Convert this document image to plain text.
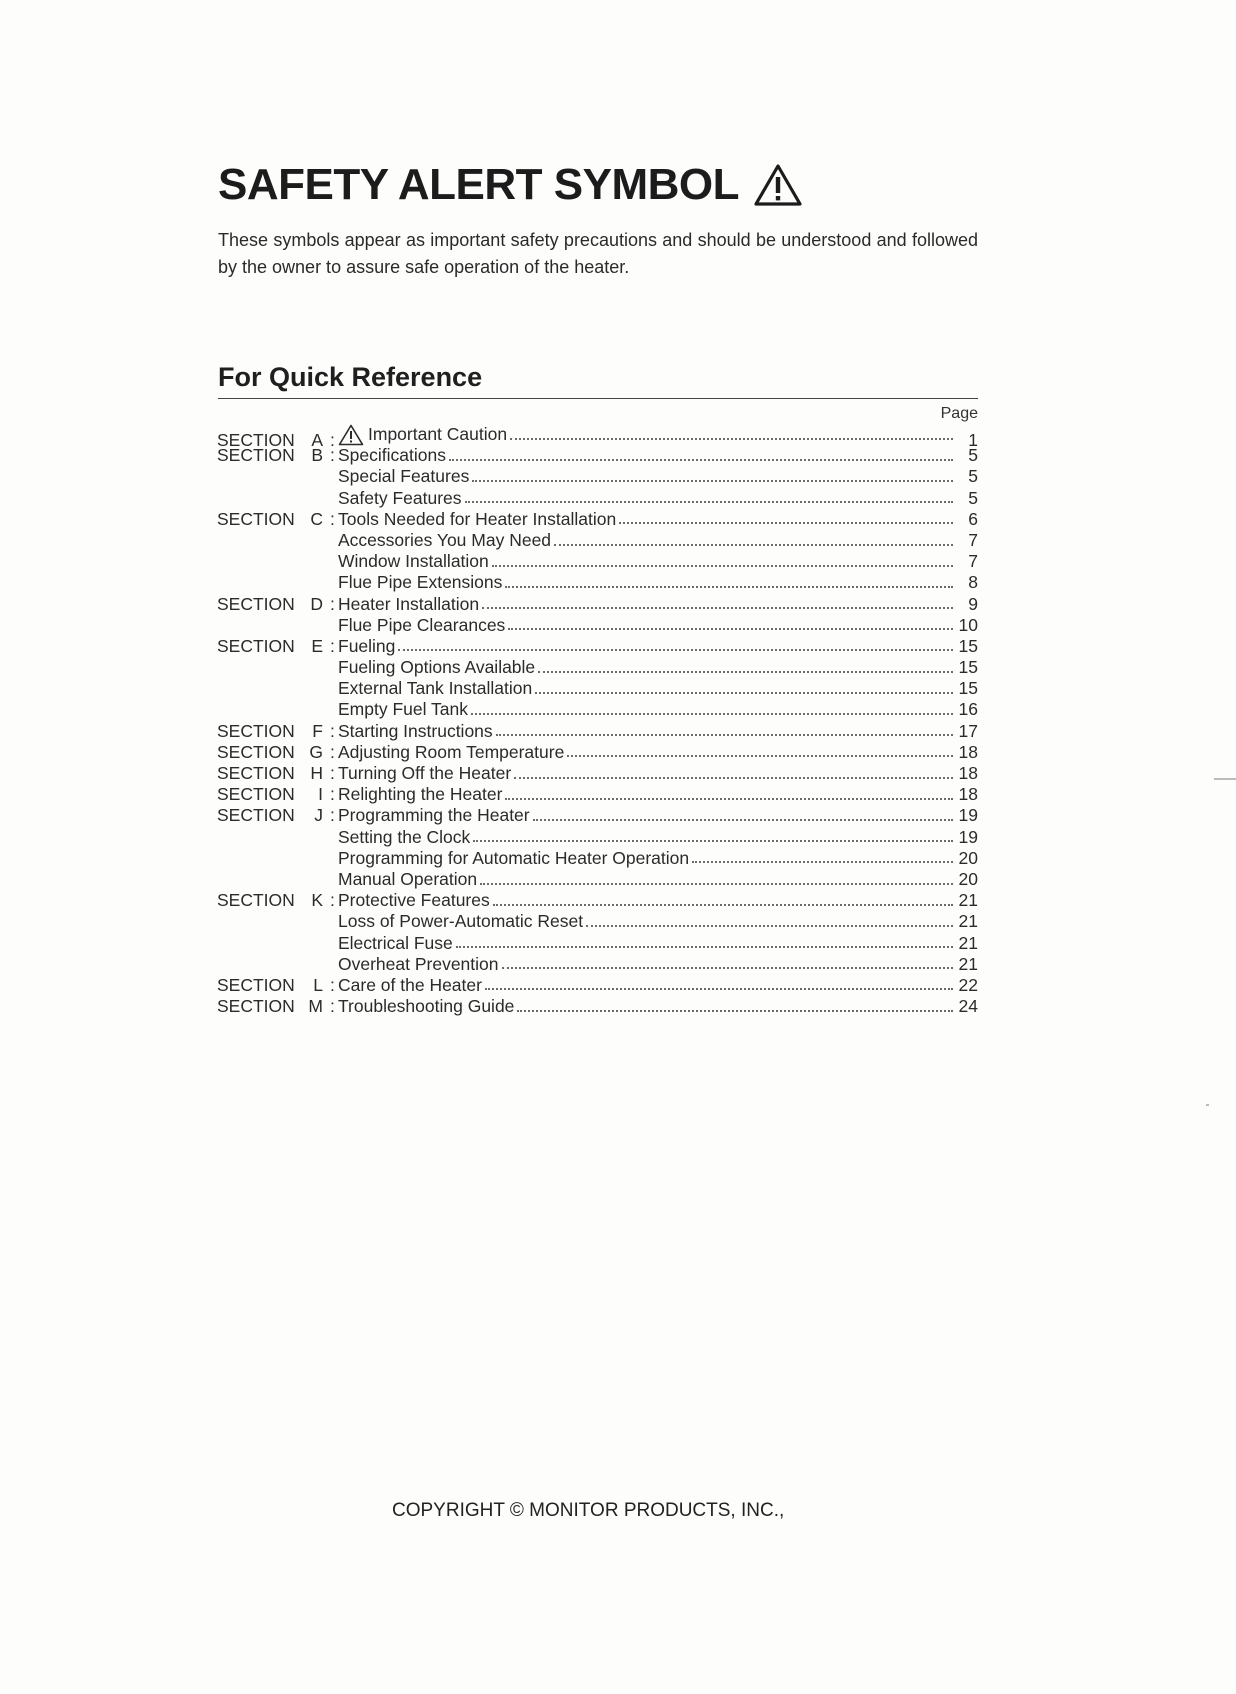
SAFETY ALERT SYMBOL
These symbols appear as important safety precautions and should be understood and followed by the owner to assure safe operation of the heater.
For Quick Reference
Page
SECTION A : Important Caution	1
SECTION B : Specifications	5
Special Features	5
Safety Features	5
SECTION C : Tools Needed for Heater Installation	6
Accessories You May Need	7
Window Installation	7
Flue Pipe Extensions	8
SECTION D : Heater Installation	9
Flue Pipe Clearances	10
SECTION E : Fueling	15
Fueling Options Available	15
External Tank Installation	15
Empty Fuel Tank	16
SECTION F : Starting Instructions	17
SECTION G : Adjusting Room Temperature	18
SECTION H : Turning Off the Heater	18
SECTION I : Relighting the Heater	18
SECTION J : Programming the Heater	19
Setting the Clock	19
Programming for Automatic Heater Operation	20
Manual Operation	20
SECTION K : Protective Features	21
Loss of Power-Automatic Reset	21
Electrical Fuse	21
Overheat Prevention	21
SECTION L : Care of the Heater	22
SECTION M : Troubleshooting Guide	24
COPYRIGHT © MONITOR PRODUCTS, INC.,
